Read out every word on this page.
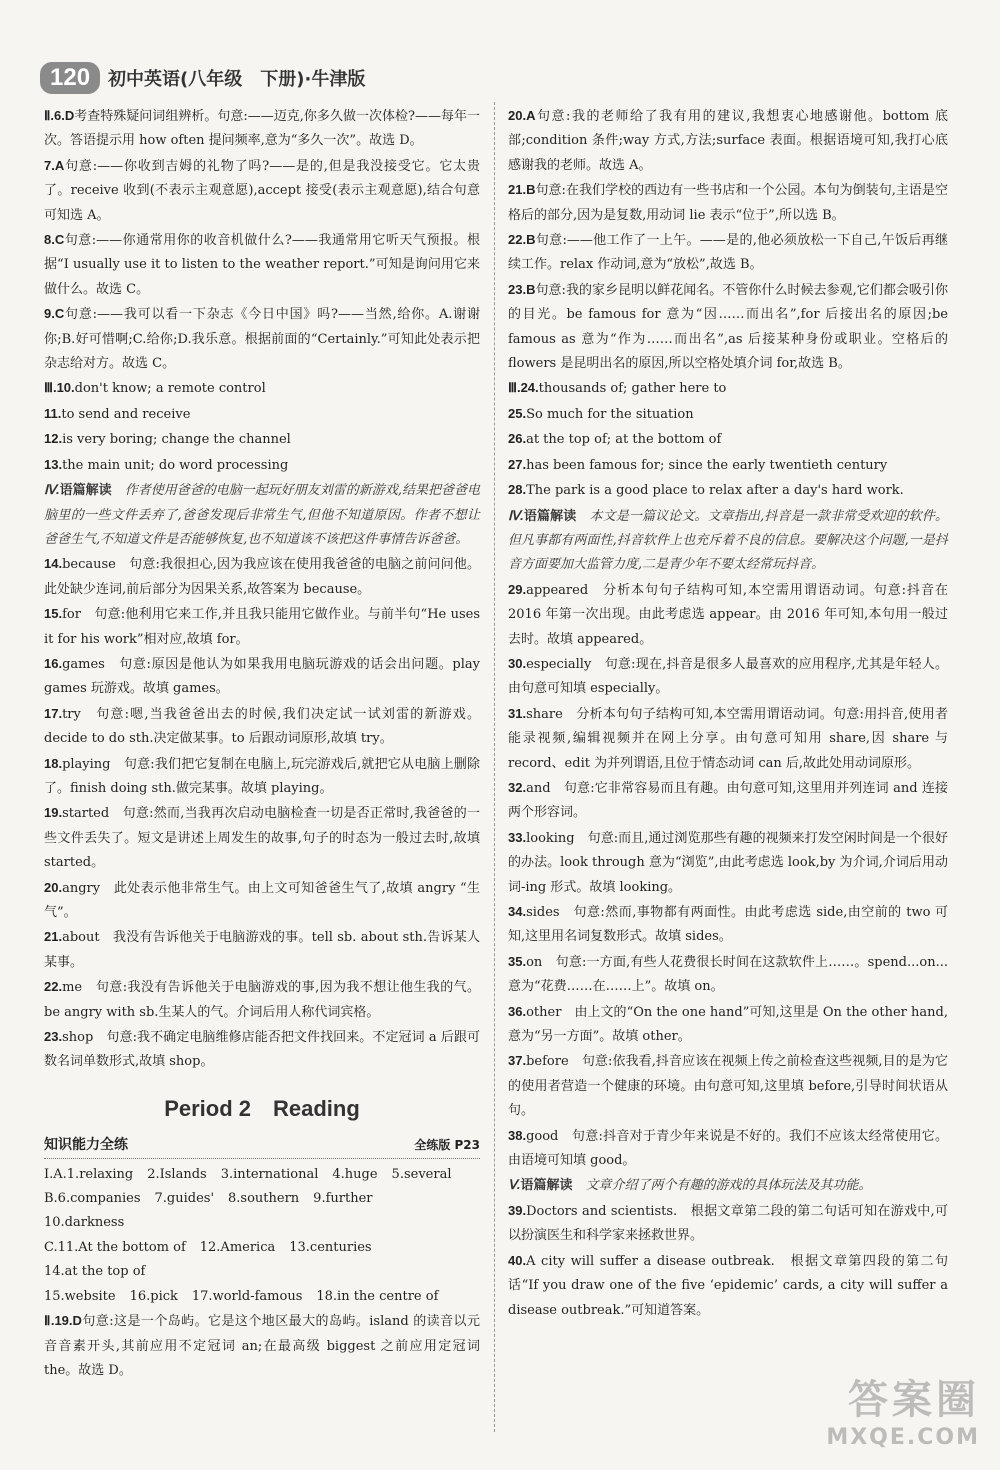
120	初中英语(八年级　下册)·牛津版

Ⅱ.6.D考查特殊疑问词组辨析。句意:——迈克,你多久做一次体检?——每年一次。答语提示用 how often 提问频率,意为“多久一次”。故选 D。

7.A句意:——你收到吉姆的礼物了吗?——是的,但是我没接受它。它太贵了。receive 收到(不表示主观意愿),accept 接受(表示主观意愿),结合句意可知选 A。

8.C句意:——你通常用你的收音机做什么?——我通常用它听天气预报。根据“I usually use it to listen to the weather report.”可知是询问用它来做什么。故选 C。

9.C句意:——我可以看一下杂志《今日中国》吗?——当然,给你。A.谢谢你;B.好可惜啊;C.给你;D.我乐意。根据前面的“Certainly.”可知此处表示把杂志给对方。故选 C。

Ⅲ.10.don't know; a remote control

11.to send and receive

12.is very boring; change the channel

13.the main unit; do word processing

Ⅳ.语篇解读　 作者使用爸爸的电脑一起玩好朋友刘雷的新游戏,结果把爸爸电脑里的一些文件丢弃了,爸爸发现后非常生气,但他不知道原因。作者不想让爸爸生气,不知道文件是否能够恢复,也不知道该不该把这件事情告诉爸爸。

14.because　句意:我很担心,因为我应该在使用我爸爸的电脑之前问问他。此处缺少连词,前后部分为因果关系,故答案为 because。

15.for　句意:他利用它来工作,并且我只能用它做作业。与前半句“He uses it for his work”相对应,故填 for。

16.games　句意:原因是他认为如果我用电脑玩游戏的话会出问题。play games 玩游戏。故填 games。

17.try　句意:嗯,当我爸爸出去的时候,我们决定试一试刘雷的新游戏。decide to do sth.决定做某事。to 后跟动词原形,故填 try。

18.playing　句意:我们把它复制在电脑上,玩完游戏后,就把它从电脑上删除了。finish doing sth.做完某事。故填 playing。

19.started　句意:然而,当我再次启动电脑检查一切是否正常时,我爸爸的一些文件丢失了。短文是讲述上周发生的故事,句子的时态为一般过去时,故填 started。

20.angry　此处表示他非常生气。由上文可知爸爸生气了,故填 angry “生气”。

21.about　我没有告诉他关于电脑游戏的事。tell sb. about sth.告诉某人某事。

22.me　句意:我没有告诉他关于电脑游戏的事,因为我不想让他生我的气。be angry with sb.生某人的气。介词后用人称代词宾格。

23.shop　句意:我不确定电脑维修店能否把文件找回来。不定冠词 a 后跟可数名词单数形式,故填 shop。

Period 2　Reading
知识能力全练	全练版 P23
Ⅰ.A.1.relaxing 2.Islands 3.international 4.huge 5.several
B.6.companies 7.guides' 8.southern 9.further
10.darkness
C.11.At the bottom of 12.America 13.centuries
14.at the top of
15.website 16.pick 17.world-famous 18.in the centre of

Ⅱ.19.D句意:这是一个岛屿。它是这个地区最大的岛屿。island 的读音以元音音素开头,其前应用不定冠词 an;在最高级 biggest 之前应用定冠词 the。故选 D。

20.A句意:我的老师给了我有用的建议,我想衷心地感谢他。bottom 底部;condition 条件;way 方式,方法;surface 表面。根据语境可知,我打心底感谢我的老师。故选 A。

21.B句意:在我们学校的西边有一些书店和一个公园。本句为倒装句,主语是空格后的部分,因为是复数,用动词 lie 表示“位于”,所以选 B。

22.B句意:——他工作了一上午。——是的,他必须放松一下自己,午饭后再继续工作。relax 作动词,意为“放松”,故选 B。

23.B句意:我的家乡昆明以鲜花闻名。不管你什么时候去参观,它们都会吸引你的目光。be famous for 意为“因……而出名”,for 后接出名的原因;be famous as 意为“作为……而出名”,as 后接某种身份或职业。空格后的 flowers 是昆明出名的原因,所以空格处填介词 for,故选 B。

Ⅲ.24.thousands of; gather here to

25.So much for the situation

26.at the top of; at the bottom of

27.has been famous for; since the early twentieth century

28.The park is a good place to relax after a day's hard work.

Ⅳ.语篇解读　 本文是一篇议论文。文章指出,抖音是一款非常受欢迎的软件。但凡事都有两面性,抖音软件上也充斥着不良的信息。要解决这个问题,一是抖音方面要加大监管力度,二是青少年不要太经常玩抖音。

29.appeared　分析本句句子结构可知,本空需用谓语动词。句意:抖音在 2016 年第一次出现。由此考虑选 appear。由 2016 年可知,本句用一般过去时。故填 appeared。

30.especially　句意:现在,抖音是很多人最喜欢的应用程序,尤其是年轻人。由句意可知填 especially。

31.share　分析本句句子结构可知,本空需用谓语动词。句意:用抖音,使用者能录视频,编辑视频并在网上分享。由句意可知用 share,因 share 与 record、edit 为并列谓语,且位于情态动词 can 后,故此处用动词原形。

32.and　句意:它非常容易而且有趣。由句意可知,这里用并列连词 and 连接两个形容词。

33.looking　句意:而且,通过浏览那些有趣的视频来打发空闲时间是一个很好的办法。look through 意为“浏览”,由此考虑选 look,by 为介词,介词后用动词-ing 形式。故填 looking。

34.sides　句意:然而,事物都有两面性。由此考虑选 side,由空前的 two 可知,这里用名词复数形式。故填 sides。

35.on　句意:一方面,有些人花费很长时间在这款软件上……。spend...on...意为“花费……在……上”。故填 on。

36.other　由上文的“On the one hand”可知,这里是 On the other hand,意为“另一方面”。故填 other。

37.before　句意:依我看,抖音应该在视频上传之前检查这些视频,目的是为它的使用者营造一个健康的环境。由句意可知,这里填 before,引导时间状语从句。

38.good　句意:抖音对于青少年来说是不好的。我们不应该太经常使用它。由语境可知填 good。

Ⅴ.语篇解读　 文章介绍了两个有趣的游戏的具体玩法及其功能。

39.Doctors and scientists.　根据文章第二段的第二句话可知在游戏中,可以扮演医生和科学家来拯救世界。

40.A city will suffer a disease outbreak.　根据文章第四段的第二句话“If you draw one of the five ‘epidemic’ cards, a city will suffer a disease outbreak.”可知道答案。

答案圈
MXQE.COM
